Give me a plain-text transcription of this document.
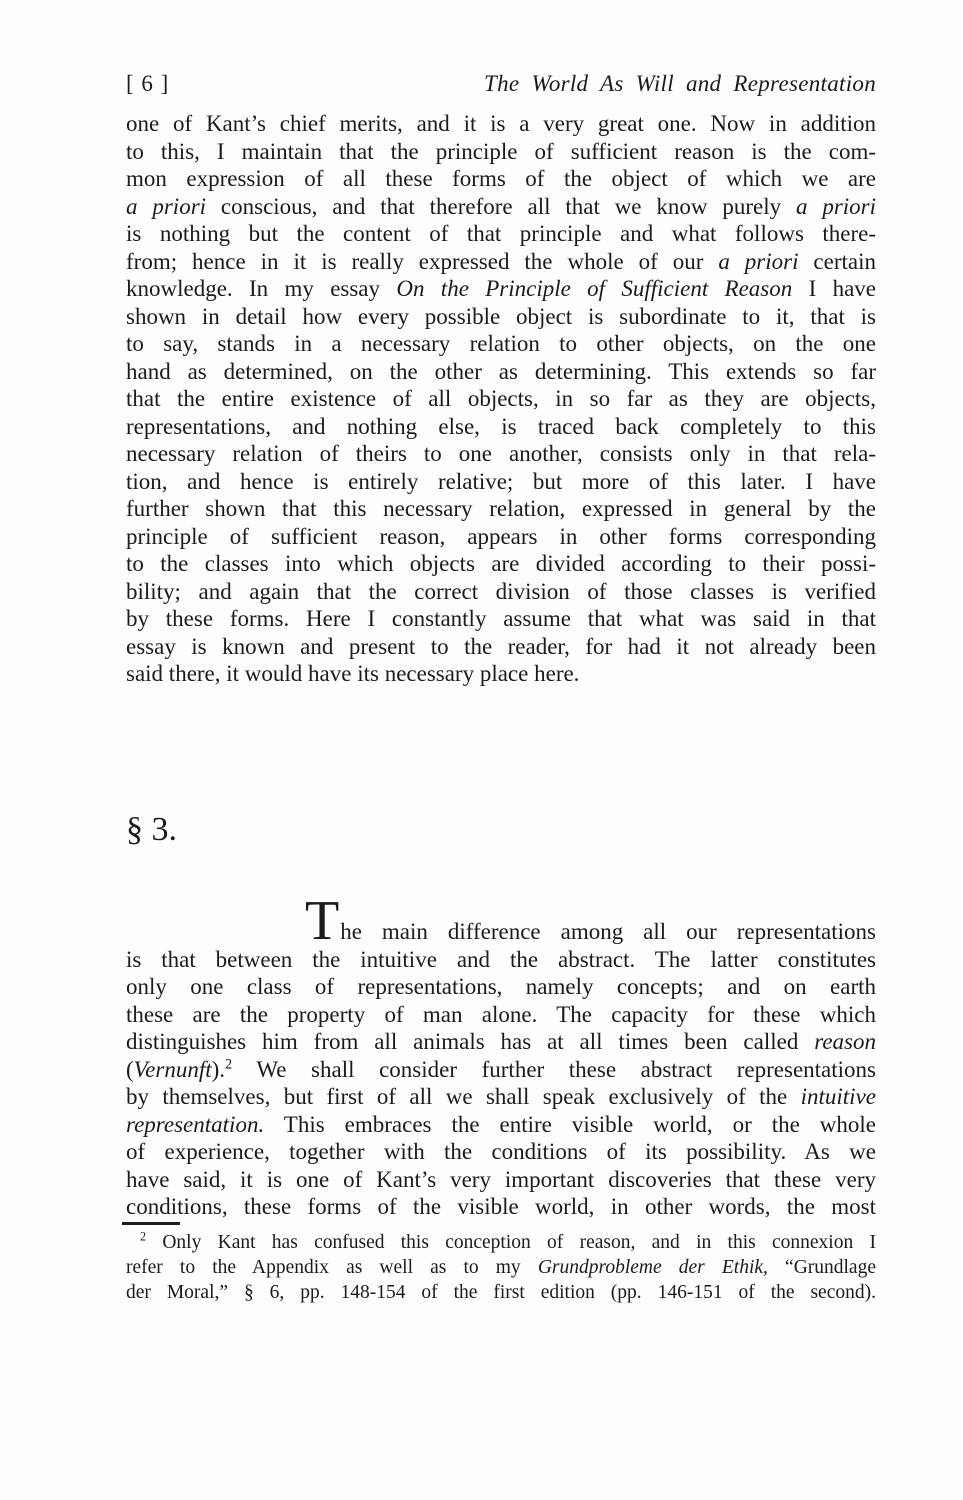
[ 6 ]	The World As Will and Representation
one of Kant’s chief merits, and it is a very great one. Now in addition
to this, I maintain that the principle of sufficient reason is the com-
mon expression of all these forms of the object of which we are
a priori conscious, and that therefore all that we know purely a priori
is nothing but the content of that principle and what follows there-
from; hence in it is really expressed the whole of our a priori certain
knowledge. In my essay On the Principle of Sufficient Reason I have
shown in detail how every possible object is subordinate to it, that is
to say, stands in a necessary relation to other objects, on the one
hand as determined, on the other as determining. This extends so far
that the entire existence of all objects, in so far as they are objects,
representations, and nothing else, is traced back completely to this
necessary relation of theirs to one another, consists only in that rela-
tion, and hence is entirely relative; but more of this later. I have
further shown that this necessary relation, expressed in general by the
principle of sufficient reason, appears in other forms corresponding
to the classes into which objects are divided according to their possi-
bility; and again that the correct division of those classes is verified
by these forms. Here I constantly assume that what was said in that
essay is known and present to the reader, for had it not already been
said there, it would have its necessary place here.
§ 3.
The main difference among all our representations
is that between the intuitive and the abstract. The latter constitutes
only one class of representations, namely concepts; and on earth
these are the property of man alone. The capacity for these which
distinguishes him from all animals has at all times been called reason
(Vernunft).$^2$ We shall consider further these abstract representations
by themselves, but first of all we shall speak exclusively of the intuitive
representation. This embraces the entire visible world, or the whole
of experience, together with the conditions of its possibility. As we
have said, it is one of Kant’s very important discoveries that these very
conditions, these forms of the visible world, in other words, the most
$^2$ Only Kant has confused this conception of reason, and in this connexion I
refer to the Appendix as well as to my Grundprobleme der Ethik, “Grundlage
der Moral,” § 6, pp. 148-154 of the first edition (pp. 146-151 of the second).
